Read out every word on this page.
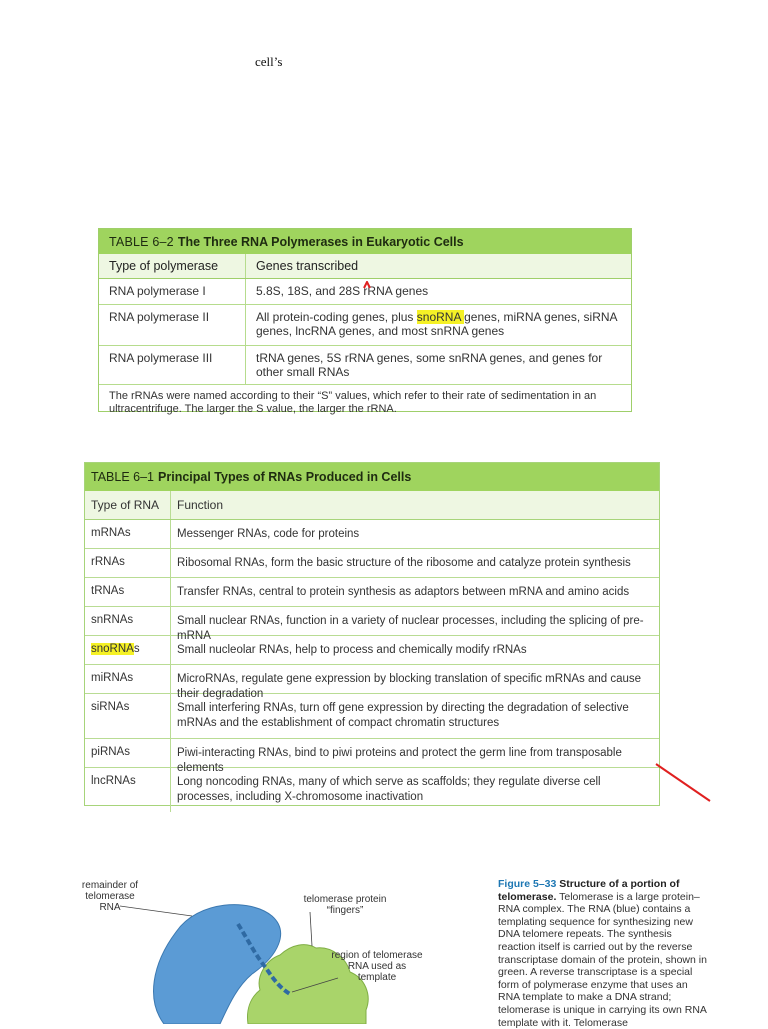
cell’s
TABLE 6–2 The Three RNA Polymerases in Eukaryotic Cells
Type of polymerase	Genes transcribed
RNA polymerase I	5.8S, 18S, and 28S rRNA genes
RNA polymerase II	All protein-coding genes, plus snoRNA genes, miRNA genes, siRNA genes, lncRNA genes, and most snRNA genes
RNA polymerase III	tRNA genes, 5S rRNA genes, some snRNA genes, and genes for other small RNAs
The rRNAs were named according to their “S” values, which refer to their rate of sedimentation in an ultracentrifuge. The larger the S value, the larger the rRNA.
TABLE 6–1 Principal Types of RNAs Produced in Cells
Type of RNA	Function
mRNAs	Messenger RNAs, code for proteins
rRNAs	Ribosomal RNAs, form the basic structure of the ribosome and catalyze protein synthesis
tRNAs	Transfer RNAs, central to protein synthesis as adaptors between mRNA and amino acids
snRNAs	Small nuclear RNAs, function in a variety of nuclear processes, including the splicing of pre-mRNA
snoRNAs	Small nucleolar RNAs, help to process and chemically modify rRNAs
miRNAs	MicroRNAs, regulate gene expression by blocking translation of specific mRNAs and cause their degradation
siRNAs	Small interfering RNAs, turn off gene expression by directing the degradation of selective mRNAs and the establishment of compact chromatin structures
piRNAs	Piwi-interacting RNAs, bind to piwi proteins and protect the germ line from transposable elements
lncRNAs	Long noncoding RNAs, many of which serve as scaffolds; they regulate diverse cell processes, including X-chromosome inactivation
remainder of telomerase RNA
telomerase protein “fingers”
region of telomerase RNA used as template
Figure 5–33 Structure of a portion of telomerase. Telomerase is a large protein–RNA complex. The RNA (blue) contains a templating sequence for synthesizing new DNA telomere repeats. The synthesis reaction itself is carried out by the reverse transcriptase domain of the protein, shown in green. A reverse transcriptase is a special form of polymerase enzyme that uses an RNA template to make a DNA strand; telomerase is unique in carrying its own RNA template with it. Telomerase
